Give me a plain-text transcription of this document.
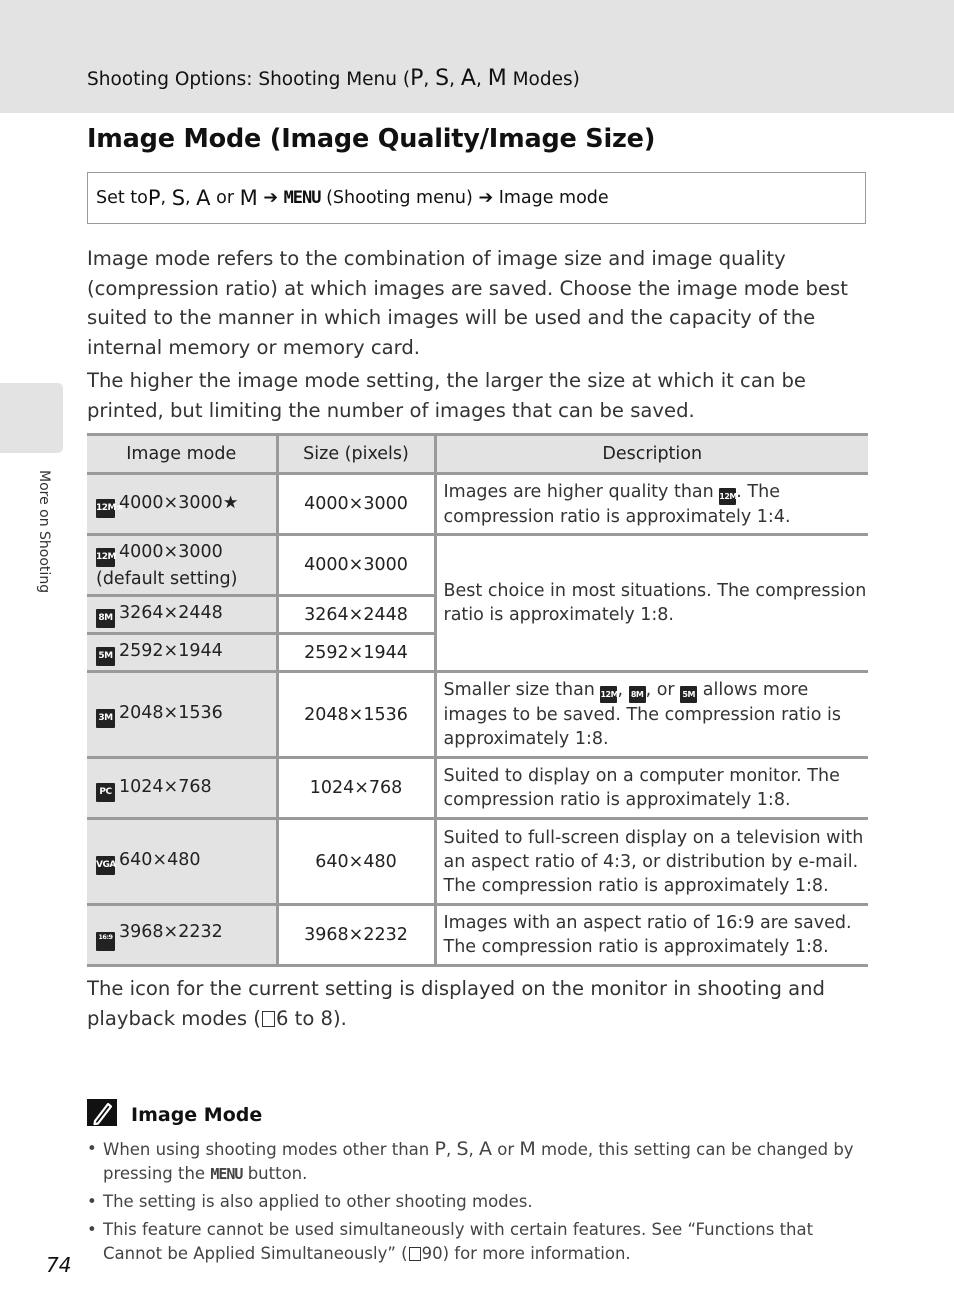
Shooting Options: Shooting Menu (P, S, A, M Modes)
Image Mode (Image Quality/Image Size)
Set to P , S , A
or
M
➔
MENU
(Shooting menu)
➔
Image mode

Image mode refers to the combination of image size and image quality (compression ratio) at which images are saved. Choose the image mode best suited to the manner in which images will be used and the capacity of the internal memory or memory card.

The higher the image mode setting, the larger the size at which it can be printed, but limiting the number of images that can be saved.

Image mode	Size (pixels)	Description
12M★4000×3000★	4000×3000	Images are higher quality than 12M. The compression ratio is approximately 1:4.
12M 4000×3000
(default setting)	4000×3000	Best choice in most situations. The compression ratio is approximately 1:8.
8M 3264×2448	3264×2448	
5M 2592×1944	2592×1944	
3M 2048×1536	2048×1536	Smaller size than 12M, 8M , or 5M allows more images to be saved. The compression ratio is approximately 1:8.
PC 1024×768	1024×768	Suited to display on a computer monitor. The compression ratio is approximately 1:8.
VGA 640×480	640×480	Suited to full-screen display on a television with an aspect ratio of 4:3, or distribution by e-mail. The compression ratio is approximately 1:8.
16:9 3968×2232	3968×2232	Images with an aspect ratio of 16:9 are saved. The compression ratio is approximately 1:8.

The icon for the current setting is displayed on the monitor in shooting and playback modes ( 6 to 8).

Image Mode
• When using shooting modes other than P, S, A or M mode, this setting can be changed by pressing the MENU button.
• The setting is also applied to other shooting modes.
• This feature cannot be used simultaneously with certain features. See “Functions that Cannot be Applied Simultaneously” ( 90) for more information.
More on Shooting
74
